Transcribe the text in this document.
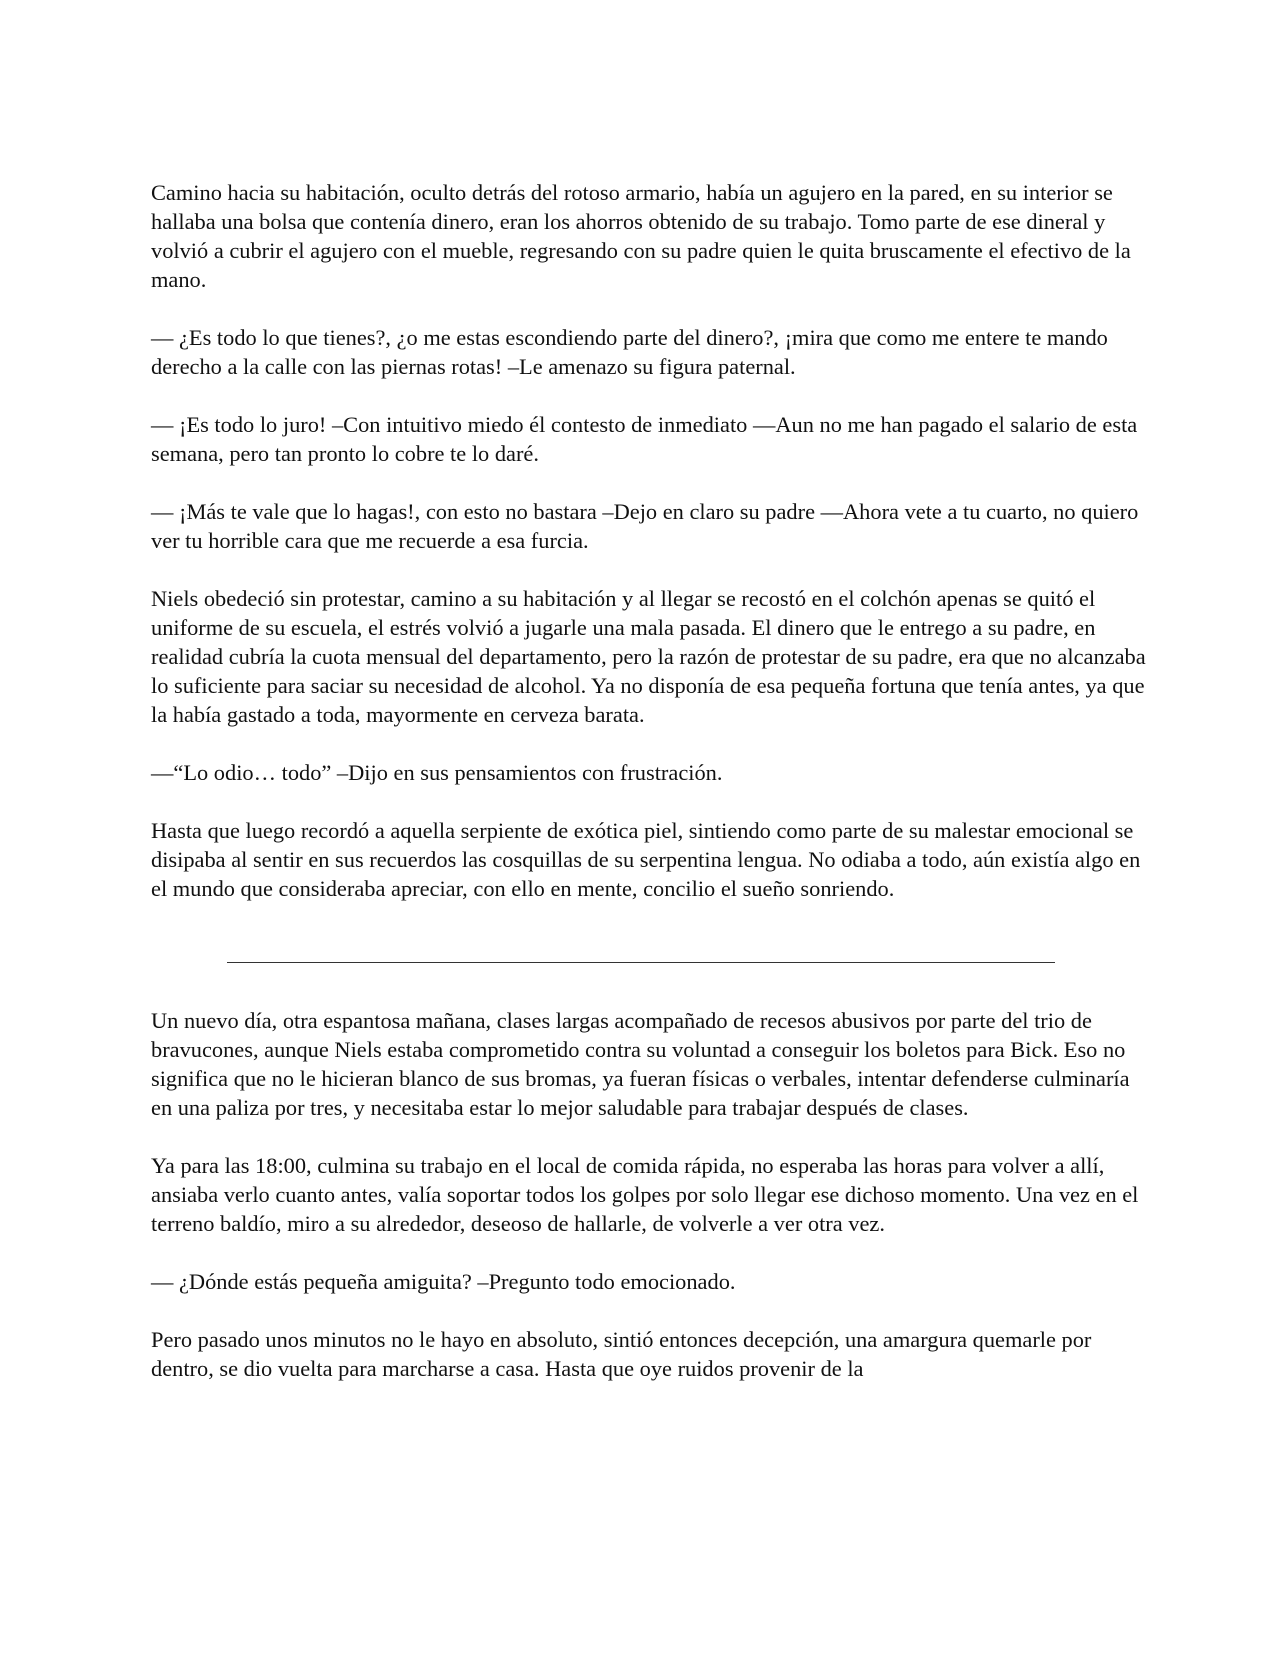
Camino hacia su habitación, oculto detrás del rotoso armario, había un agujero en la pared, en su interior se hallaba una bolsa que contenía dinero, eran los ahorros obtenido de su trabajo. Tomo parte de ese dineral y volvió a cubrir el agujero con el mueble, regresando con su padre quien le quita bruscamente el efectivo de la mano.

— ¿Es todo lo que tienes?, ¿o me estas escondiendo parte del dinero?, ¡mira que como me entere te mando derecho a la calle con las piernas rotas! –Le amenazo su figura paternal.

— ¡Es todo lo juro! –Con intuitivo miedo él contesto de inmediato —Aun no me han pagado el salario de esta semana, pero tan pronto lo cobre te lo daré.

— ¡Más te vale que lo hagas!, con esto no bastara –Dejo en claro su padre —Ahora vete a tu cuarto, no quiero ver tu horrible cara que me recuerde a esa furcia.

Niels obedeció sin protestar, camino a su habitación y al llegar se recostó en el colchón apenas se quitó el uniforme de su escuela, el estrés volvió a jugarle una mala pasada. El dinero que le entrego a su padre, en realidad cubría la cuota mensual del departamento, pero la razón de protestar de su padre, era que no alcanzaba lo suficiente para saciar su necesidad de alcohol. Ya no disponía de esa pequeña fortuna que tenía antes, ya que la había gastado a toda, mayormente en cerveza barata.

—“Lo odio… todo” –Dijo en sus pensamientos con frustración.

Hasta que luego recordó a aquella serpiente de exótica piel, sintiendo como parte de su malestar emocional se disipaba al sentir en sus recuerdos las cosquillas de su serpentina lengua. No odiaba a todo, aún existía algo en el mundo que consideraba apreciar, con ello en mente, concilio el sueño sonriendo.

Un nuevo día, otra espantosa mañana, clases largas acompañado de recesos abusivos por parte del trio de bravucones, aunque Niels estaba comprometido contra su voluntad a conseguir los boletos para Bick. Eso no significa que no le hicieran blanco de sus bromas, ya fueran físicas o verbales, intentar defenderse culminaría en una paliza por tres, y necesitaba estar lo mejor saludable para trabajar después de clases.

Ya para las 18:00, culmina su trabajo en el local de comida rápida, no esperaba las horas para volver a allí, ansiaba verlo cuanto antes, valía soportar todos los golpes por solo llegar ese dichoso momento. Una vez en el terreno baldío, miro a su alrededor, deseoso de hallarle, de volverle a ver otra vez.

— ¿Dónde estás pequeña amiguita? –Pregunto todo emocionado.

Pero pasado unos minutos no le hayo en absoluto, sintió entonces decepción, una amargura quemarle por dentro, se dio vuelta para marcharse a casa. Hasta que oye ruidos provenir de la
